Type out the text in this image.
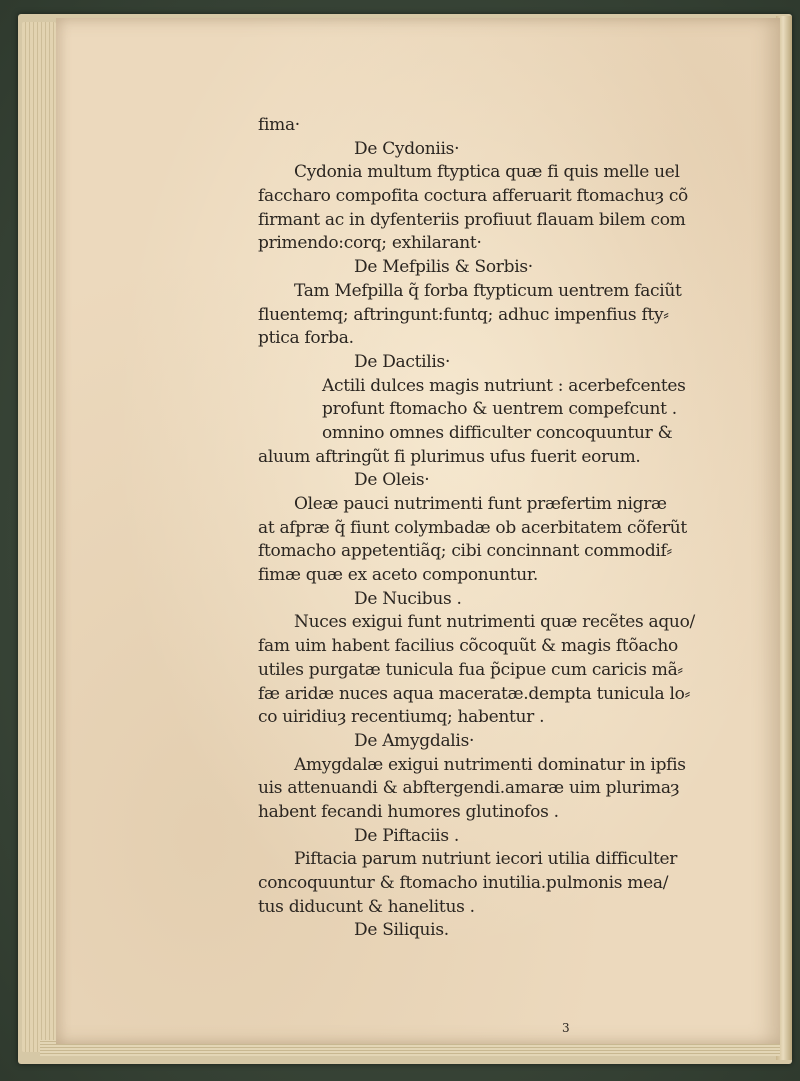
fima·
De Cydoniis·
Cydonia multum ftyptica quæ fi quis melle uel
faccharo compofita coctura afferuarit ftomachuȝ cõ
firmant ac in dyfenteriis profiuut flauam bilem com
primendo:corq; exhilarant·
De Mefpilis & Sorbis·
Tam Mefpilla q̃ forba ftypticum uentrem faciũt
fluentemq; aftringunt:funtq; adhuc impenfius fty⸗
ptica forba.
De Dactilis·
Actili dulces magis nutriunt : acerbefcentes
profunt ftomacho & uentrem compefcunt .
omnino omnes difficulter concoquuntur &
aluum aftringũt fi plurimus ufus fuerit eorum.
De Oleis·
Oleæ pauci nutrimenti funt præfertim nigræ
at afpræ q̃ fiunt colymbadæ ob acerbitatem cõferũt
ftomacho appetentiãq; cibi concinnant commodif⸗
fimæ quæ ex aceto componuntur.
De Nucibus .
Nuces exigui funt nutrimenti quæ recẽtes aquo/
fam uim habent facilius cõcoquũt & magis ftõacho
utiles purgatæ tunicula fua p̃cipue cum caricis mã⸗
fæ aridæ nuces aqua maceratæ.dempta tunicula lo⸗
co uiridiuȝ recentiumq; habentur .
De Amygdalis·
Amygdalæ exigui nutrimenti dominatur in ipfis
uis attenuandi & abftergendi.amaræ uim plurimaȝ
habent fecandi humores glutinofos .
De Piftaciis .
Piftacia parum nutriunt iecori utilia difficulter
concoquuntur & ftomacho inutilia.pulmonis mea/
tus diducunt & hanelitus .
De Siliquis.
3
